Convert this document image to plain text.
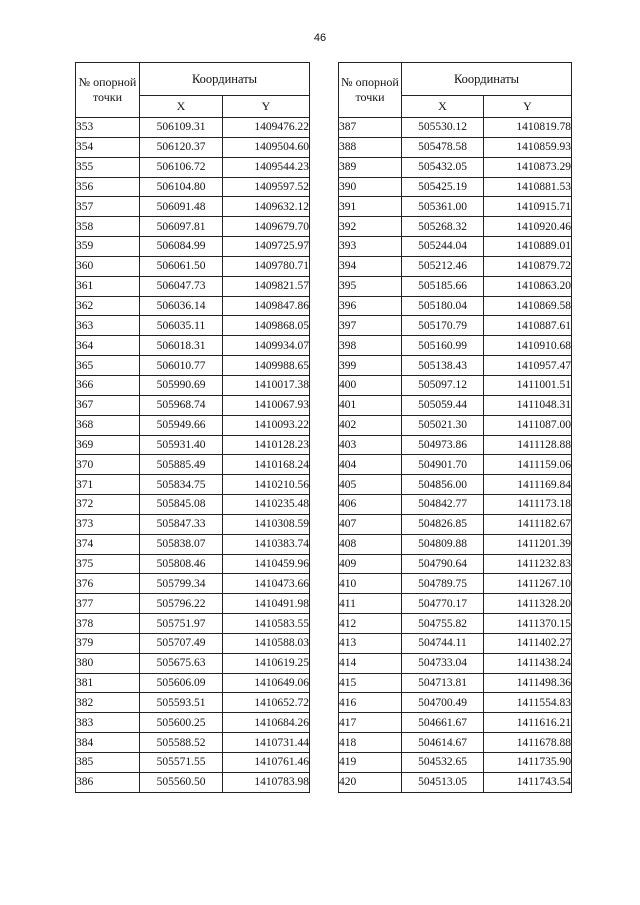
46
№ опорной точки	Координаты	
	X	Y
353	506109.31	1409476.22
354	506120.37	1409504.60
355	506106.72	1409544.23
356	506104.80	1409597.52
357	506091.48	1409632.12
358	506097.81	1409679.70
359	506084.99	1409725.97
360	506061.50	1409780.71
361	506047.73	1409821.57
362	506036.14	1409847.86
363	506035.11	1409868.05
364	506018.31	1409934.07
365	506010.77	1409988.65
366	505990.69	1410017.38
367	505968.74	1410067.93
368	505949.66	1410093.22
369	505931.40	1410128.23
370	505885.49	1410168.24
371	505834.75	1410210.56
372	505845.08	1410235.48
373	505847.33	1410308.59
374	505838.07	1410383.74
375	505808.46	1410459.96
376	505799.34	1410473.66
377	505796.22	1410491.98
378	505751.97	1410583.55
379	505707.49	1410588.03
380	505675.63	1410619.25
381	505606.09	1410649.06
382	505593.51	1410652.72
383	505600.25	1410684.26
384	505588.52	1410731.44
385	505571.55	1410761.46
386	505560.50	1410783.98
№ опорной точки	Координаты	
	X	Y
387	505530.12	1410819.78
388	505478.58	1410859.93
389	505432.05	1410873.29
390	505425.19	1410881.53
391	505361.00	1410915.71
392	505268.32	1410920.46
393	505244.04	1410889.01
394	505212.46	1410879.72
395	505185.66	1410863.20
396	505180.04	1410869.58
397	505170.79	1410887.61
398	505160.99	1410910.68
399	505138.43	1410957.47
400	505097.12	1411001.51
401	505059.44	1411048.31
402	505021.30	1411087.00
403	504973.86	1411128.88
404	504901.70	1411159.06
405	504856.00	1411169.84
406	504842.77	1411173.18
407	504826.85	1411182.67
408	504809.88	1411201.39
409	504790.64	1411232.83
410	504789.75	1411267.10
411	504770.17	1411328.20
412	504755.82	1411370.15
413	504744.11	1411402.27
414	504733.04	1411438.24
415	504713.81	1411498.36
416	504700.49	1411554.83
417	504661.67	1411616.21
418	504614.67	1411678.88
419	504532.65	1411735.90
420	504513.05	1411743.54
